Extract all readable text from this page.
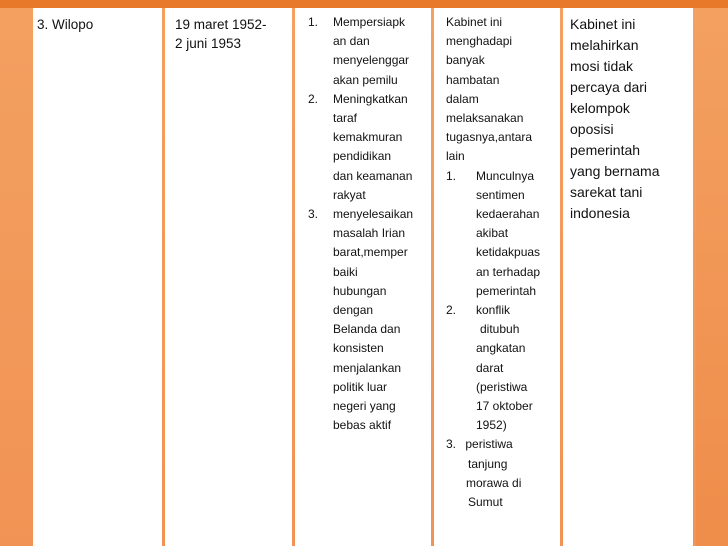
3. Wilopo	19 maret 1952-
2 juni 1953
1. Mempersiapk
an dan
menyelenggar
akan pemilu
2. Meningkatkan
taraf
kemakmuran
pendidikan
dan keamanan
rakyat
3. menyelesaikan
masalah Irian
barat,memper
baiki
hubungan
dengan
Belanda dan
konsisten
menjalankan
politik luar
negeri yang
bebas aktif
Kabinet ini
menghadapi
banyak
hambatan
dalam
melaksanakan
tugasnya,antara
lain
1. Munculnya
sentimen
kedaerahan
akibat
ketidakpuas
an terhadap
pemerintah
2. konflik
ditubuh
angkatan
darat
(peristiwa
17 oktober
1952)
3. peristiwa
tanjung
morawa di
Sumut
Kabinet ini
melahirkan
mosi tidak
percaya dari
kelompok
oposisi
pemerintah
yang bernama
sarekat tani
indonesia
